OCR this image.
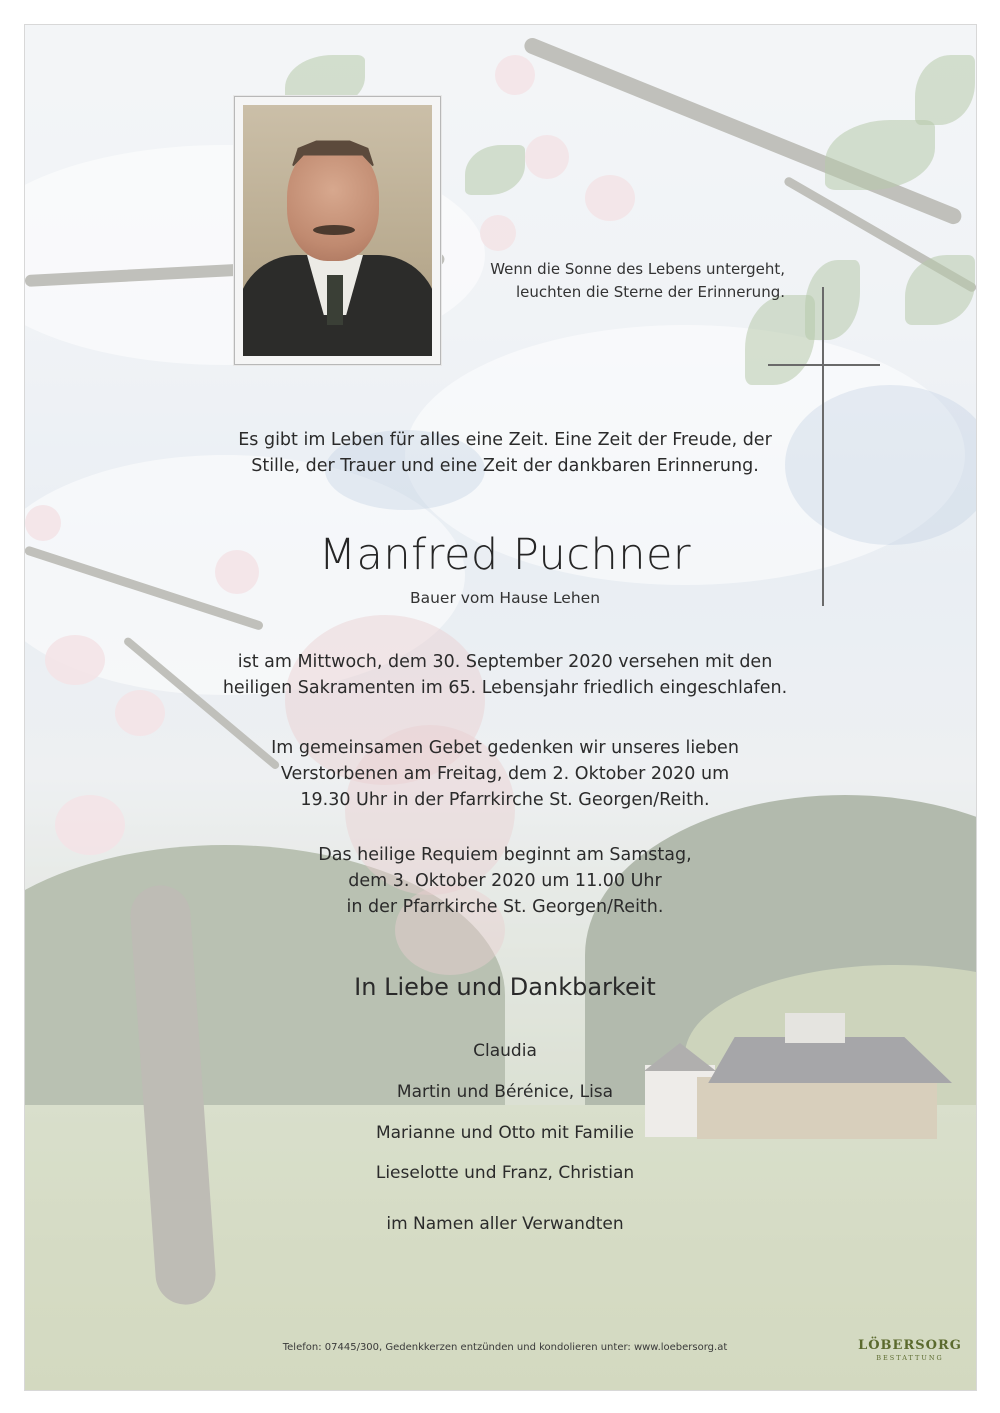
Wenn die Sonne des Lebens untergeht,
leuchten die Sterne der Erinnerung.
Es gibt im Leben für alles eine Zeit. Eine Zeit der Freude, der
Stille, der Trauer und eine Zeit der dankbaren Erinnerung.
Manfred Puchner
Bauer vom Hause Lehen
ist am Mittwoch, dem 30. September 2020 versehen mit den
heiligen Sakramenten im 65. Lebensjahr friedlich eingeschlafen.
Im gemeinsamen Gebet gedenken wir unseres lieben
Verstorbenen am Freitag, dem 2. Oktober 2020 um
19.30 Uhr in der Pfarrkirche St. Georgen/Reith.
Das heilige Requiem beginnt am Samstag,
dem 3. Oktober 2020 um 11.00 Uhr
in der Pfarrkirche St. Georgen/Reith.
In Liebe und Dankbarkeit
Claudia
Martin und Bérénice, Lisa
Marianne und Otto mit Familie
Lieselotte und Franz, Christian
im Namen aller Verwandten
Telefon: 07445/300, Gedenkkerzen entzünden und kondolieren unter: www.loebersorg.at	LÖBERSORG
BESTATTUNG
